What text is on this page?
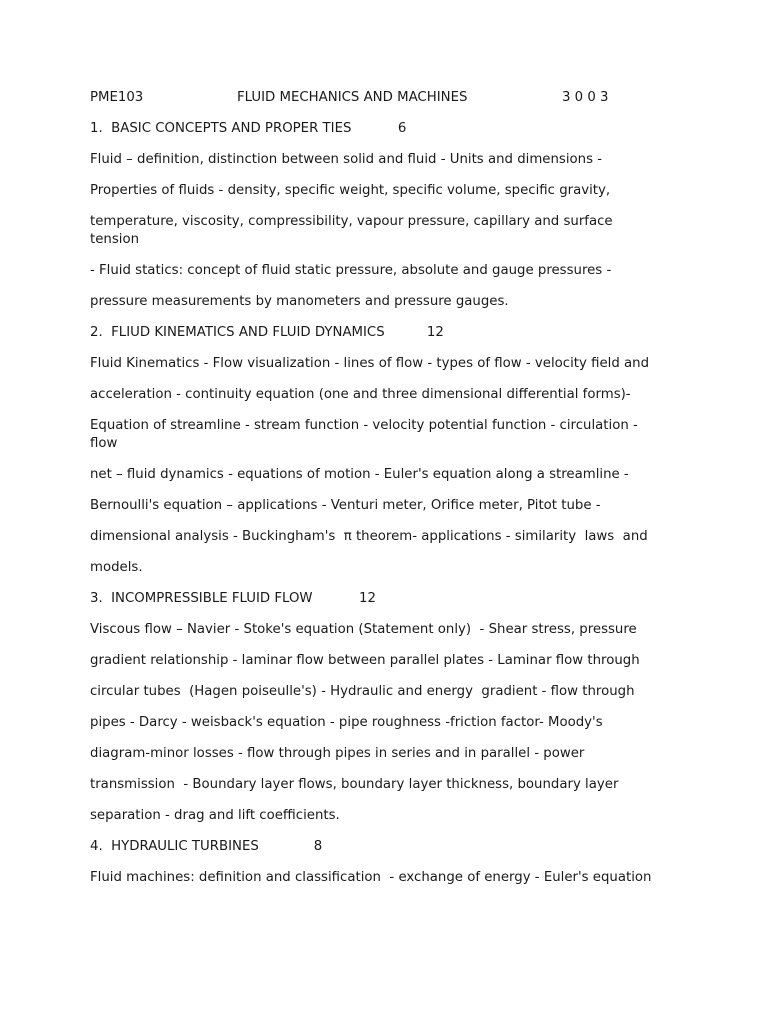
PME103	FLUID MECHANICS AND MACHINES	3 0 0 3
1.  BASIC CONCEPTS AND PROPER TIES           6
Fluid – definition, distinction between solid and fluid - Units and dimensions -
Properties of fluids - density, specific weight, specific volume, specific gravity,
temperature, viscosity, compressibility, vapour pressure, capillary and surface
tension
- Fluid statics: concept of fluid static pressure, absolute and gauge pressures -
pressure measurements by manometers and pressure gauges.
2.  FLIUD KINEMATICS AND FLUID DYNAMICS          12
Fluid Kinematics - Flow visualization - lines of flow - types of flow - velocity field and
acceleration - continuity equation (one and three dimensional differential forms)-
Equation of streamline - stream function - velocity potential function - circulation -
flow
net – fluid dynamics - equations of motion - Euler's equation along a streamline -
Bernoulli's equation – applications - Venturi meter, Orifice meter, Pitot tube -
dimensional analysis - Buckingham's  π theorem- applications - similarity  laws  and
models.
3.  INCOMPRESSIBLE FLUID FLOW           12
Viscous flow – Navier - Stoke's equation (Statement only)  - Shear stress, pressure
gradient relationship - laminar flow between parallel plates - Laminar flow through
circular tubes  (Hagen poiseulle's) - Hydraulic and energy  gradient - flow through
pipes - Darcy - weisback's equation - pipe roughness -friction factor- Moody's
diagram-minor losses - flow through pipes in series and in parallel - power
transmission  - Boundary layer flows, boundary layer thickness, boundary layer
separation - drag and lift coefficients.
4.  HYDRAULIC TURBINES             8
Fluid machines: definition and classification  - exchange of energy - Euler's equation
